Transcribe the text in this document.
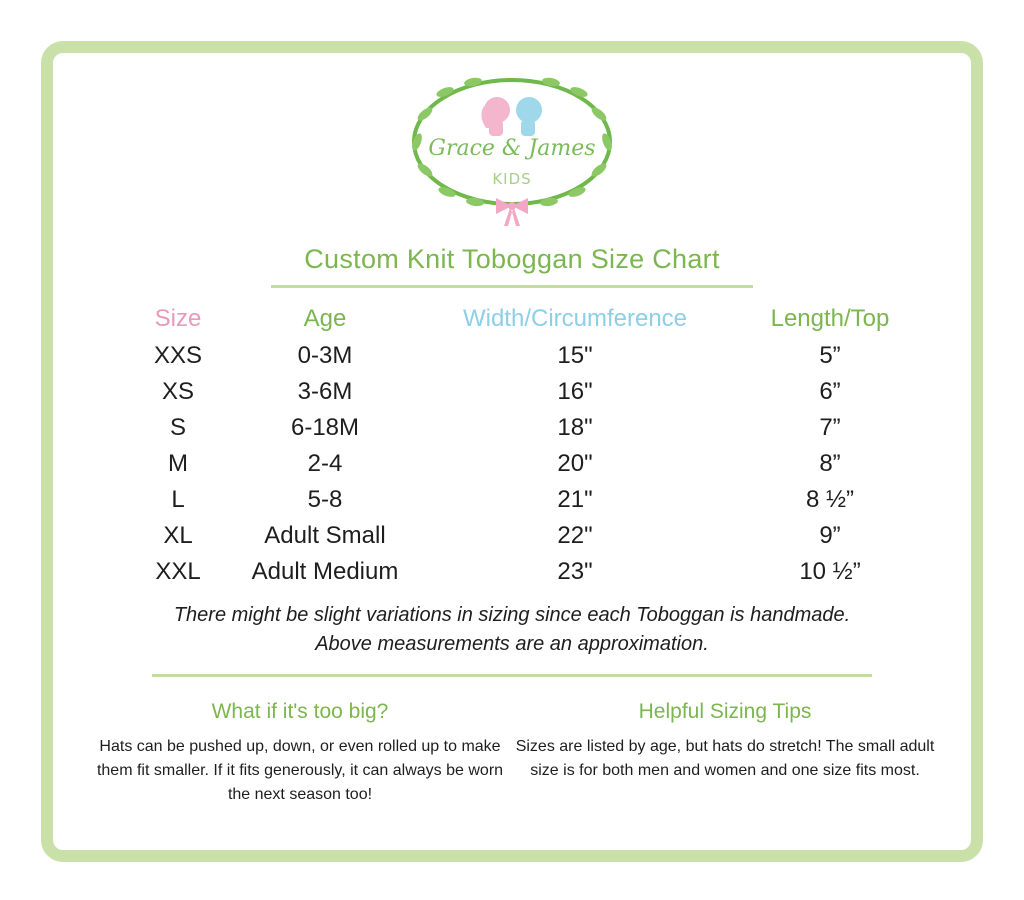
Grace & James
KIDS
Custom Knit Toboggan Size Chart
Size	Age	Width/Circumference	Length/Top
XXS	0-3M	15"	5”
XS	3-6M	16"	6”
S	6-18M	18"	7”
M	2-4	20"	8”
L	5-8	21"	8 ½”
XL	Adult Small	22"	9”
XXL	Adult Medium	23"	10 ½”
There might be slight variations in sizing since each Toboggan is handmade.
Above measurements are an approximation.
What if it's too big?
Hats can be pushed up, down, or even rolled up to make them fit smaller. If it fits generously, it can always be worn the next season too!
Helpful Sizing Tips
Sizes are listed by age, but hats do stretch! The small adult size is for both men and women and one size fits most.
